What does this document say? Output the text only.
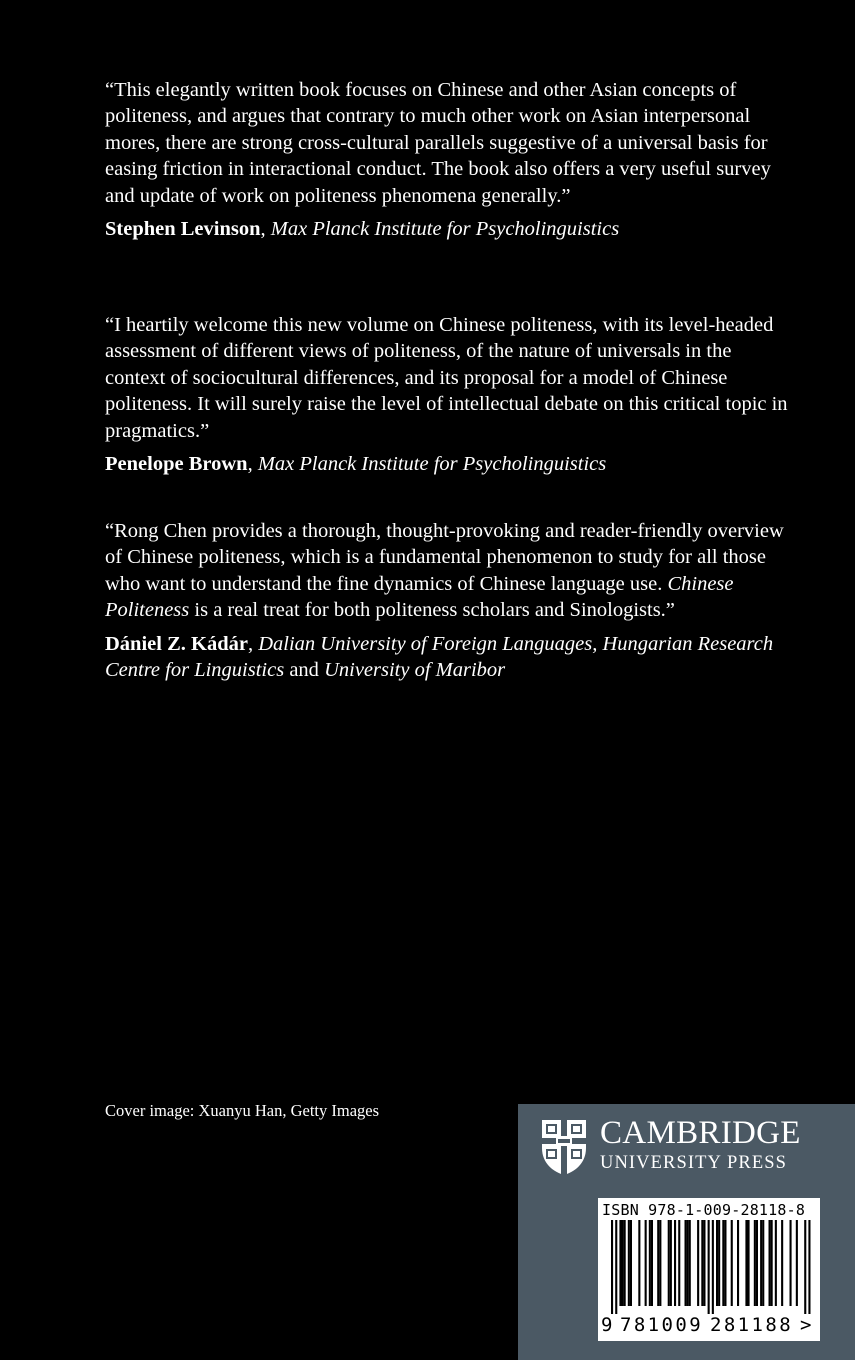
“This elegantly written book focuses on Chinese and other Asian concepts of politeness, and argues that contrary to much other work on Asian interpersonal mores, there are strong cross-cultural parallels suggestive of a universal basis for easing friction in interactional conduct. The book also offers a very useful survey and update of work on politeness phenomena generally.”

Stephen Levinson, Max Planck Institute for Psycholinguistics

“I heartily welcome this new volume on Chinese politeness, with its level-headed assessment of different views of politeness, of the nature of universals in the context of sociocultural differences, and its proposal for a model of Chinese politeness. It will surely raise the level of intellectual debate on this critical topic in pragmatics.”

Penelope Brown, Max Planck Institute for Psycholinguistics

“Rong Chen provides a thorough, thought-provoking and reader-friendly overview of Chinese politeness, which is a fundamental phenomenon to study for all those who want to understand the fine dynamics of Chinese language use. Chinese Politeness is a real treat for both politeness scholars and Sinologists.”

Dániel Z. Kádár, Dalian University of Foreign Languages, Hungarian Research Centre for Linguistics and University of Maribor
Cover image: Xuanyu Han, Getty Images
CAMBRIDGE
UNIVERSITY PRESS
ISBN 978-1-009-28118-8
9 781009 281188 >
